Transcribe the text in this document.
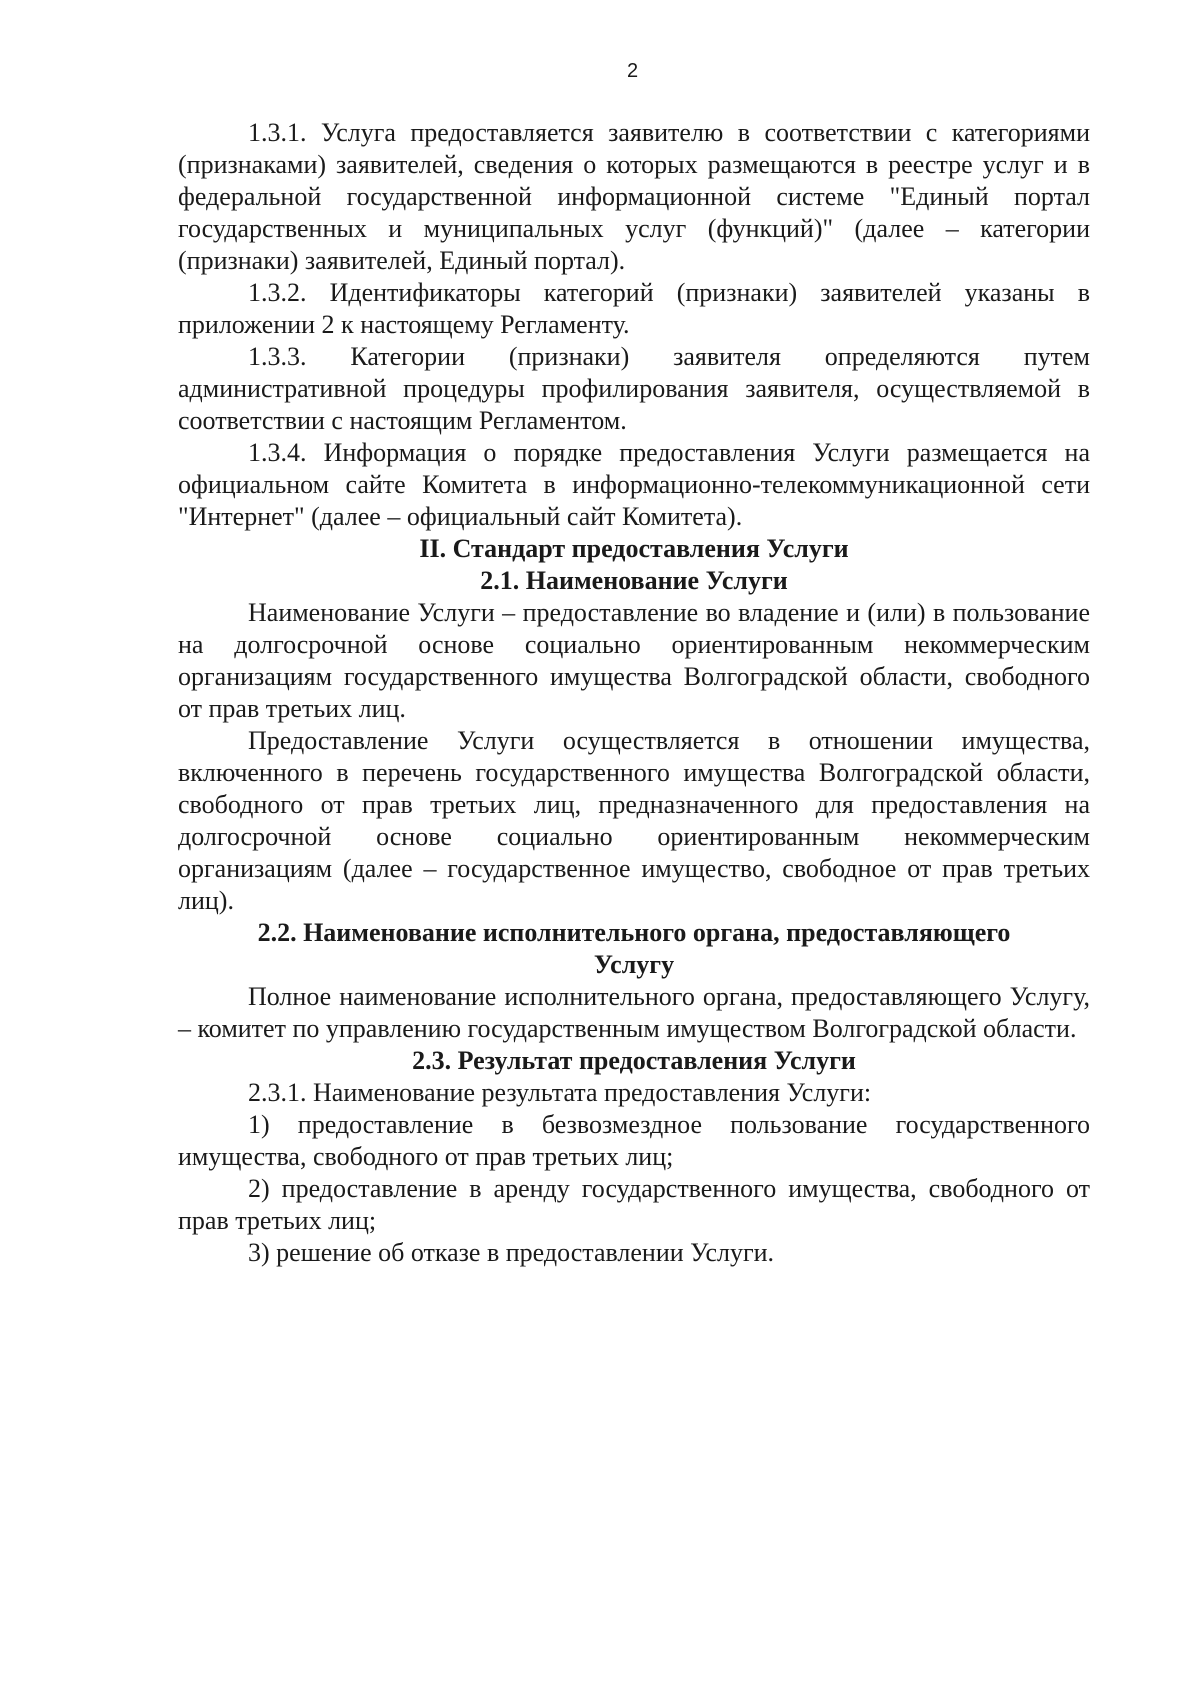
2

1.3.1. Услуга предоставляется заявителю в соответствии с категориями (признаками) заявителей, сведения о которых размещаются в реестре услуг и в федеральной государственной информационной системе "Единый портал государственных и муниципальных услуг (функций)" (далее – категории (признаки) заявителей, Единый портал).

1.3.2. Идентификаторы категорий (признаки) заявителей указаны в приложении 2 к настоящему Регламенту.

1.3.3. Категории (признаки) заявителя определяются путем административной процедуры профилирования заявителя, осуществляемой в соответствии с настоящим Регламентом.

1.3.4. Информация о порядке предоставления Услуги размещается на официальном сайте Комитета в информационно-телекоммуникационной сети "Интернет" (далее – официальный сайт Комитета).

II. Стандарт предоставления Услуги
2.1. Наименование Услуги

Наименование Услуги – предоставление во владение и (или) в пользование на долгосрочной основе социально ориентированным некоммерческим организациям государственного имущества Волгоградской области, свободного от прав третьих лиц.

Предоставление Услуги осуществляется в отношении имущества, включенного в перечень государственного имущества Волгоградской области, свободного от прав третьих лиц, предназначенного для предоставления на долгосрочной основе социально ориентированным некоммерческим организациям (далее – государственное имущество, свободное от прав третьих лиц).

2.2. Наименование исполнительного органа, предоставляющего
Услугу

Полное наименование исполнительного органа, предоставляющего Услугу, – комитет по управлению государственным имуществом Волгоградской области.

2.3. Результат предоставления Услуги

2.3.1. Наименование результата предоставления Услуги:

1) предоставление в безвозмездное пользование государственного имущества, свободного от прав третьих лиц;

2) предоставление в аренду государственного имущества, свободного от прав третьих лиц;

3) решение об отказе в предоставлении Услуги.
